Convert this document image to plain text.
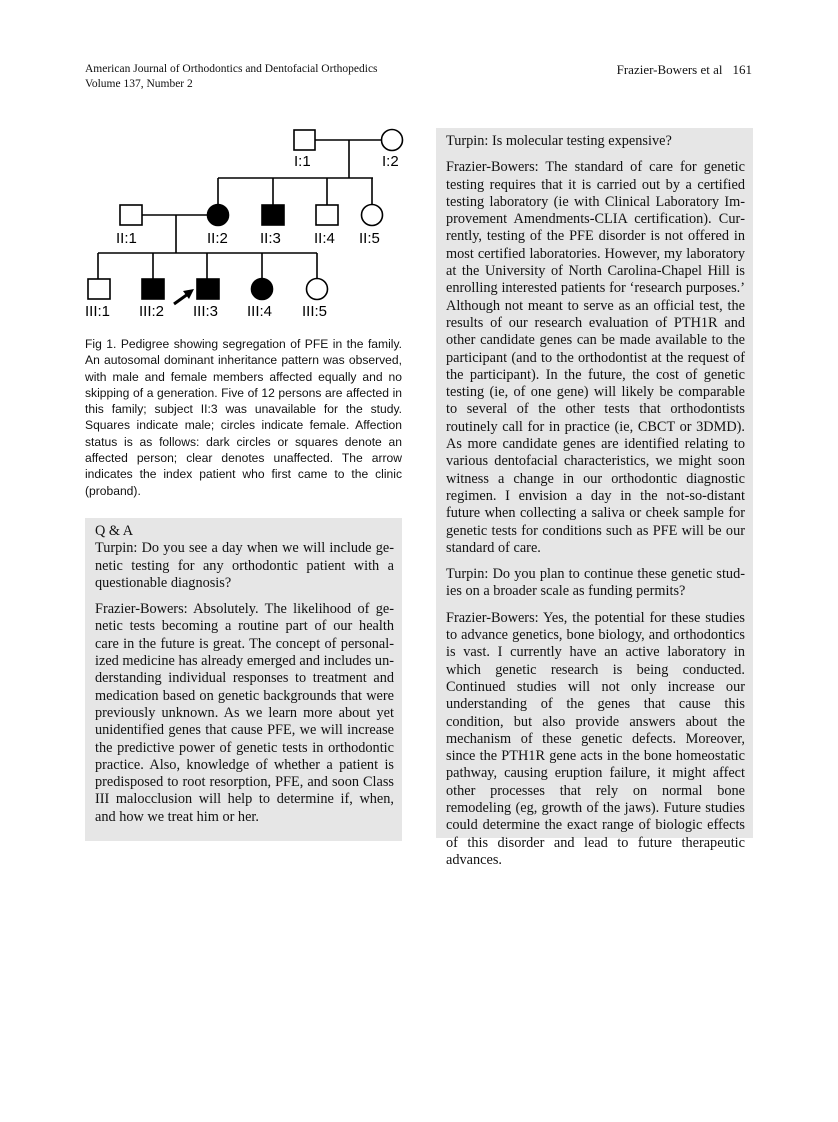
American Journal of Orthodontics and Dentofacial Orthopedics
Volume 137, Number 2
Frazier-Bowers et al 161
I:1	I:2
II:1	II:2 II:3 II:4 II:5
III:1 III:2 III:3 III:4 III:5
Fig 1. Pedigree showing segregation of PFE in the family. An autosomal dominant inheritance pattern was observed, with male and female members affected equally and no skipping of a generation. Five of 12 persons are affected in this family; subject II:3 was unavailable for the study. Squares indicate male; circles indicate female. Affection status is as follows: dark circles or squares denote an affected person; clear denotes unaffected. The arrow indicates the index patient who first came to the clinic (proband).

Q & A

Turpin: Do you see a day when we will include genetic testing for any orthodontic patient with a questionable diagnosis?

Frazier-Bowers: Absolutely. The likelihood of genetic tests becoming a routine part of our health care in the future is great. The concept of personalized medicine has already emerged and includes understanding individual responses to treatment and medication based on genetic backgrounds that were previously unknown. As we learn more about yet unidentified genes that cause PFE, we will increase the predictive power of genetic tests in orthodontic practice. Also, knowledge of whether a patient is predisposed to root resorption, PFE, and soon Class III malocclusion will help to determine if, when, and how we treat him or her.

Turpin: Is molecular testing expensive?

Frazier-Bowers: The standard of care for genetic testing requires that it is carried out by a certified testing laboratory (ie with Clinical Laboratory Improvement Amendments-CLIA certification). Currently, testing of the PFE disorder is not offered in most certified laboratories. However, my laboratory at the University of North Carolina-Chapel Hill is enrolling interested patients for ‘research purposes.’ Although not meant to serve as an official test, the results of our research evaluation of PTH1R and other candidate genes can be made available to the participant (and to the orthodontist at the request of the participant). In the future, the cost of genetic testing (ie, of one gene) will likely be comparable to several of the other tests that orthodontists routinely call for in practice (ie, CBCT or 3DMD). As more candidate genes are identified relating to various dentofacial characteristics, we might soon witness a change in our orthodontic diagnostic regimen. I envision a day in the not-so-distant future when collecting a saliva or cheek sample for genetic tests for conditions such as PFE will be our standard of care.

Turpin: Do you plan to continue these genetic studies on a broader scale as funding permits?

Frazier-Bowers: Yes, the potential for these studies to advance genetics, bone biology, and orthodontics is vast. I currently have an active laboratory in which genetic research is being conducted. Continued studies will not only increase our understanding of the genes that cause this condition, but also provide answers about the mechanism of these genetic defects. Moreover, since the PTH1R gene acts in the bone homeostatic pathway, causing eruption failure, it might affect other processes that rely on normal bone remodeling (eg, growth of the jaws). Future studies could determine the exact range of biologic effects of this disorder and lead to future therapeutic advances.
